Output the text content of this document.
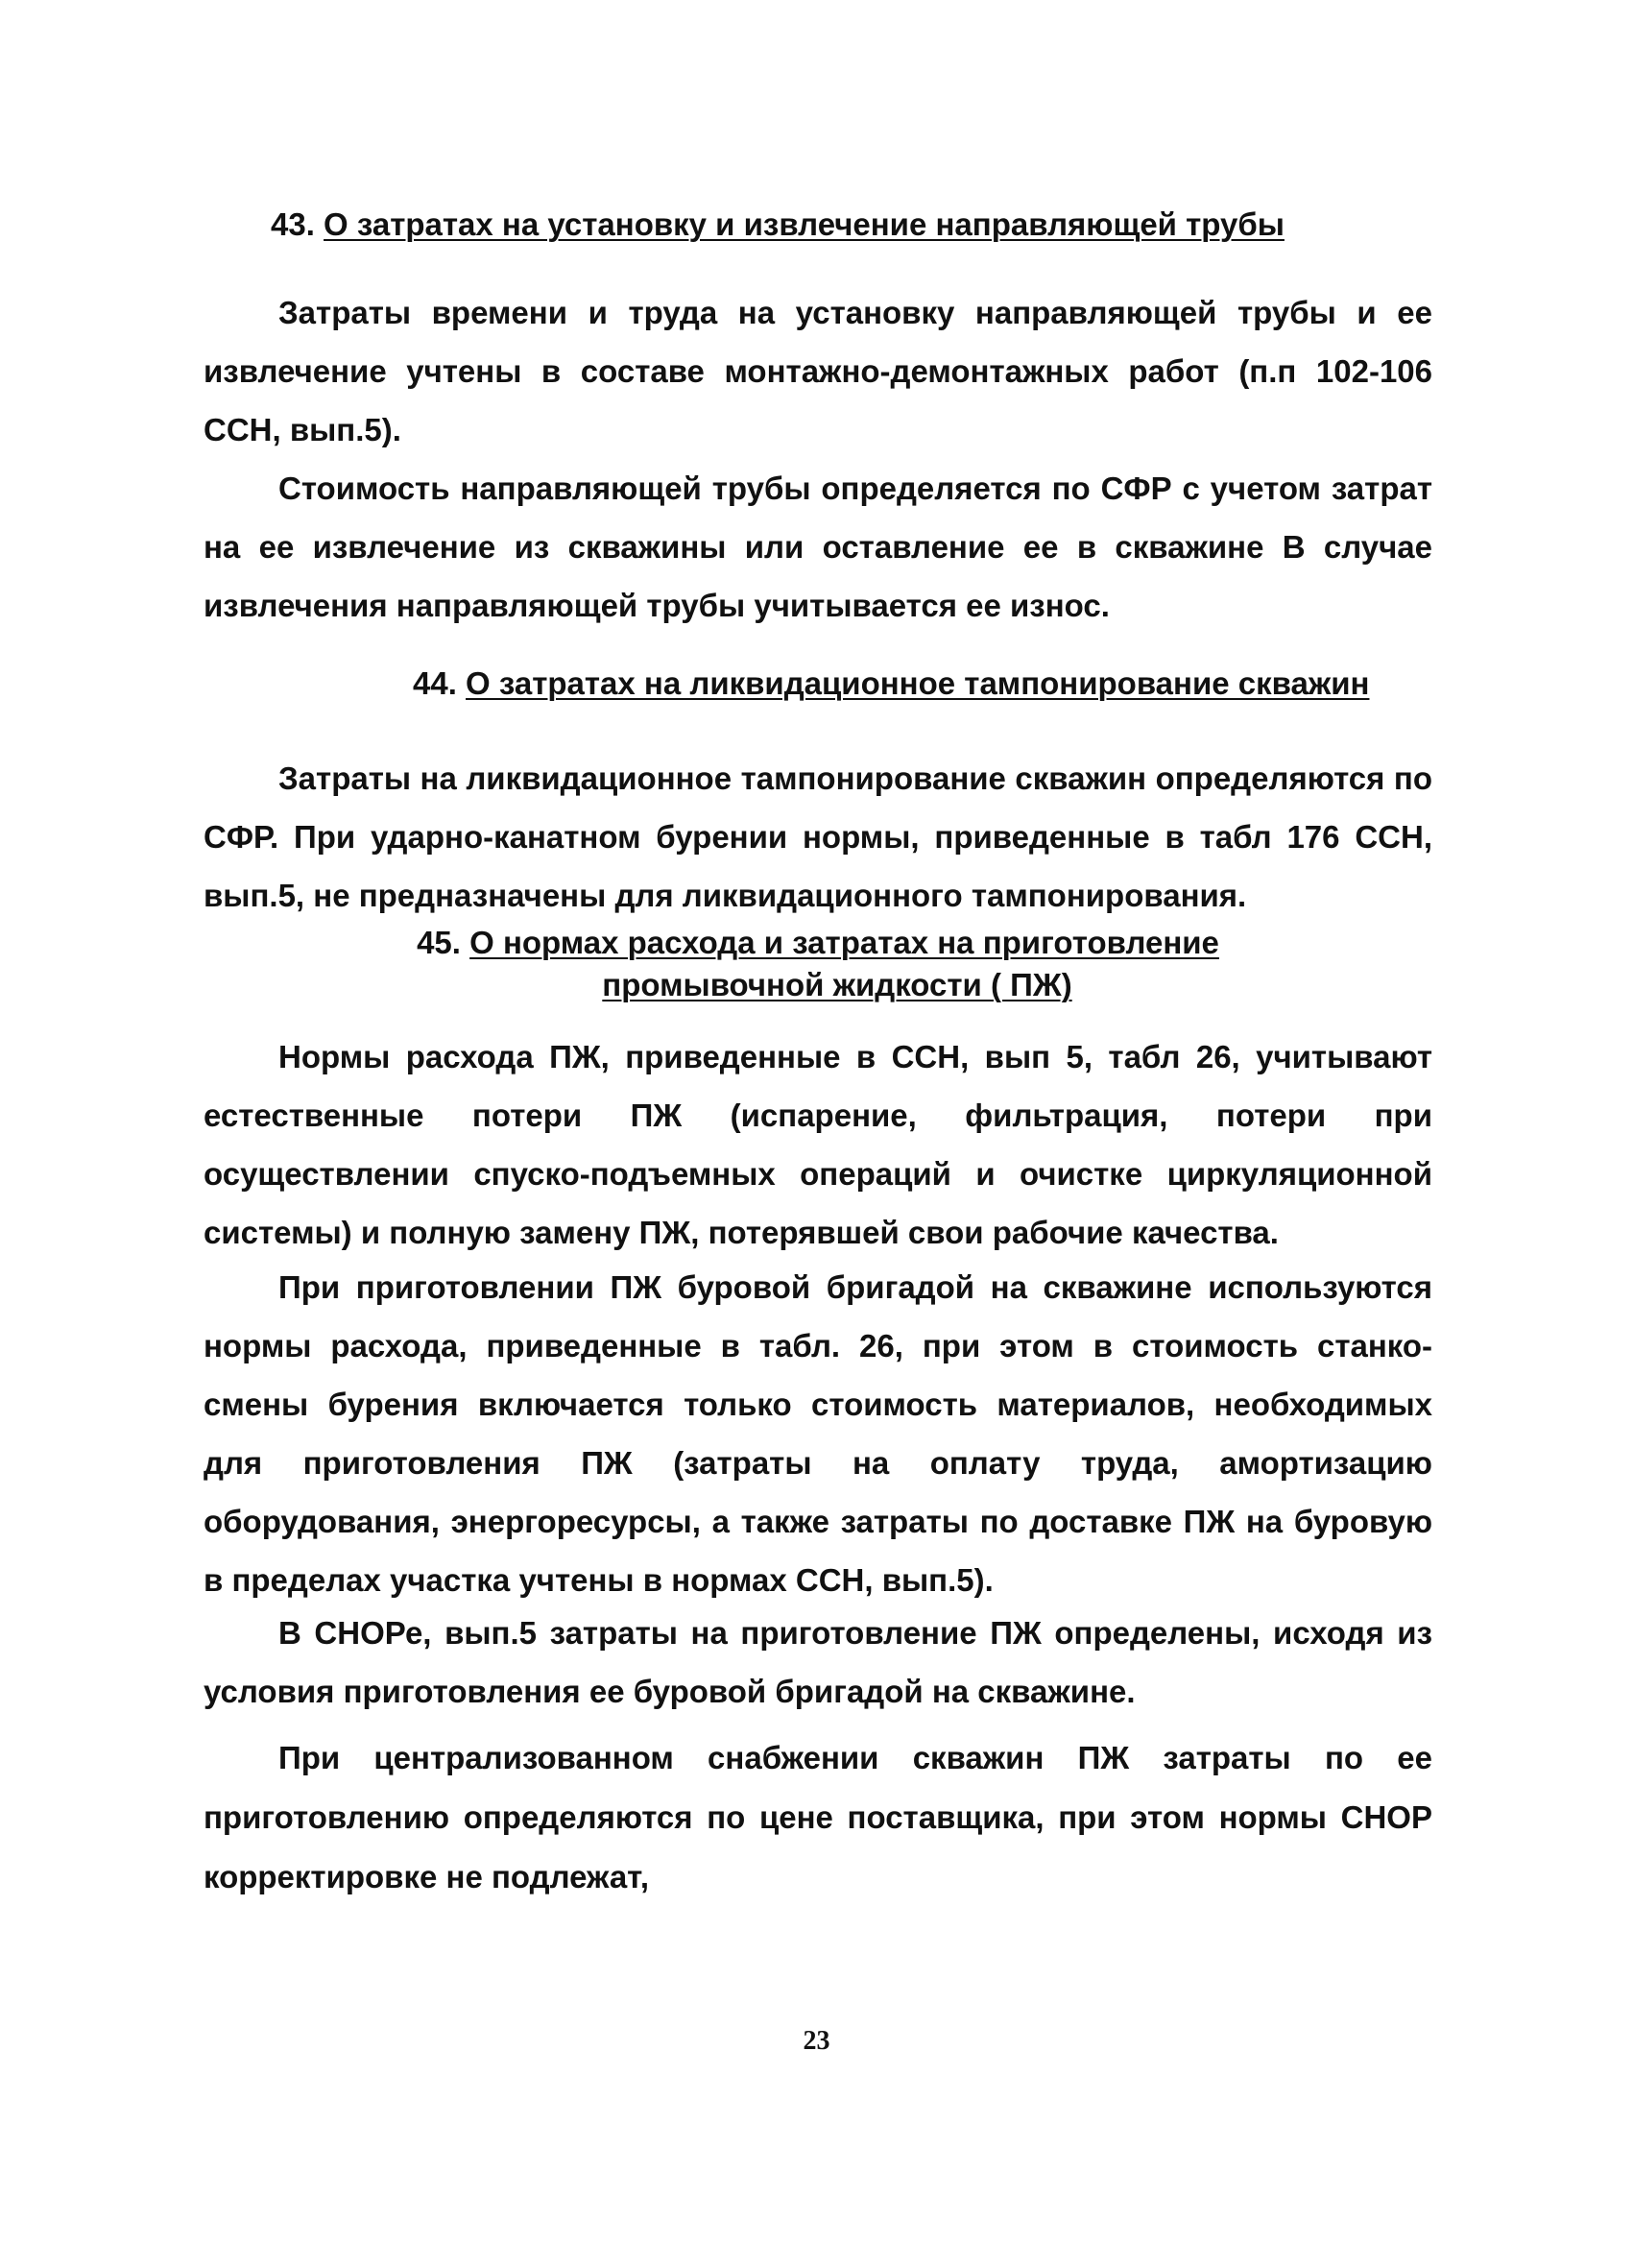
43. О затратах на установку и извлечение направляющей трубы

Затраты времени и труда на установку направляющей трубы и ее извлечение учтены в составе монтажно-демонтажных работ (п.п 102-106 ССН, вып.5).

Стоимость направляющей трубы определяется по СФР с учетом затрат на ее извлечение из скважины или оставление ее в скважине В случае извлечения направляющей трубы учитывается ее износ.

44. О затратах на ликвидационное тампонирование скважин

Затраты на ликвидационное тампонирование скважин определяются по СФР. При ударно-канатном бурении нормы, приведенные в табл 176 ССН, вып.5, не предназначены для ликвидационного тампонирования.

45. О нормах расхода и затратах на приготовление
промывочной жидкости ( ПЖ)

Нормы расхода ПЖ, приведенные в ССН, вып 5, табл 26, учитывают естественные потери ПЖ (испарение, фильтрация, потери при осуществлении спуско-подъемных операций и очистке циркуляционной системы) и полную замену ПЖ, потерявшей свои рабочие качества.

При приготовлении ПЖ буровой бригадой на скважине используются нормы расхода, приведенные в табл. 26, при этом в стоимость станко-смены бурения включается только стоимость материалов, необходимых для приготовления ПЖ (затраты на оплату труда, амортизацию оборудования, энергоресурсы, а также затраты по доставке ПЖ на буровую в пределах участка учтены в нормах ССН, вып.5).

В СНОРе, вып.5 затраты на приготовление ПЖ определены, исходя из условия приготовления ее буровой бригадой на скважине.

При централизованном снабжении скважин ПЖ затраты по ее приготовлению определяются по цене поставщика, при этом нормы СНОР корректировке не подлежат,

23
